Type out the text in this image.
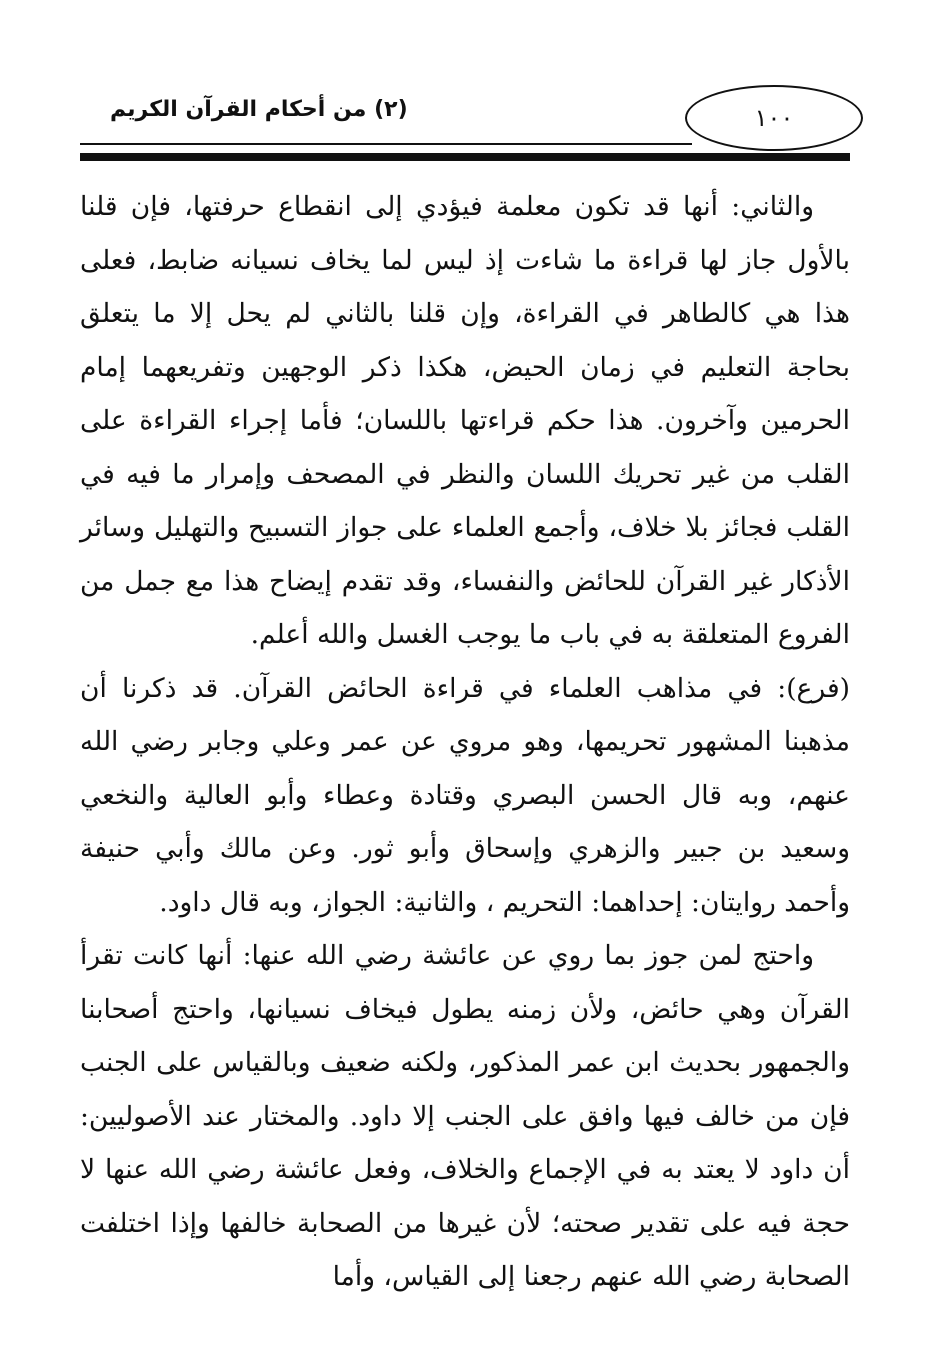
(٢) من أحكام القرآن الكريم	١٠٠

والثاني: أنها قد تكون معلمة فيؤدي إلى انقطاع حرفتها، فإن قلنا بالأول جاز لها قراءة ما شاءت إذ ليس لما يخاف نسيانه ضابط، فعلى هذا هي كالطاهر في القراءة، وإن قلنا بالثاني لم يحل إلا ما يتعلق بحاجة التعليم في زمان الحيض، هكذا ذكر الوجهين وتفريعهما إمام الحرمين وآخرون. هذا حكم قراءتها باللسان؛ فأما إجراء القراءة على القلب من غير تحريك اللسان والنظر في المصحف وإمرار ما فيه في القلب فجائز بلا خلاف، وأجمع العلماء على جواز التسبيح والتهليل وسائر الأذكار غير القرآن للحائض والنفساء، وقد تقدم إيضاح هذا مع جمل من الفروع المتعلقة به في باب ما يوجب الغسل والله أعلم.

(فرع): في مذاهب العلماء في قراءة الحائض القرآن. قد ذكرنا أن مذهبنا المشهور تحريمها، وهو مروي عن عمر وعلي وجابر رضي الله عنهم، وبه قال الحسن البصري وقتادة وعطاء وأبو العالية والنخعي وسعيد بن جبير والزهري وإسحاق وأبو ثور. وعن مالك وأبي حنيفة وأحمد روايتان: إحداهما: التحريم ، والثانية: الجواز، وبه قال داود.

واحتج لمن جوز بما روي عن عائشة رضي الله عنها: أنها كانت تقرأ القرآن وهي حائض، ولأن زمنه يطول فيخاف نسيانها، واحتج أصحابنا والجمهور بحديث ابن عمر المذكور، ولكنه ضعيف وبالقياس على الجنب فإن من خالف فيها وافق على الجنب إلا داود. والمختار عند الأصوليين: أن داود لا يعتد به في الإجماع والخلاف، وفعل عائشة رضي الله عنها لا حجة فيه على تقدير صحته؛ لأن غيرها من الصحابة خالفها وإذا اختلفت الصحابة رضي الله عنهم رجعنا إلى القياس، وأما
